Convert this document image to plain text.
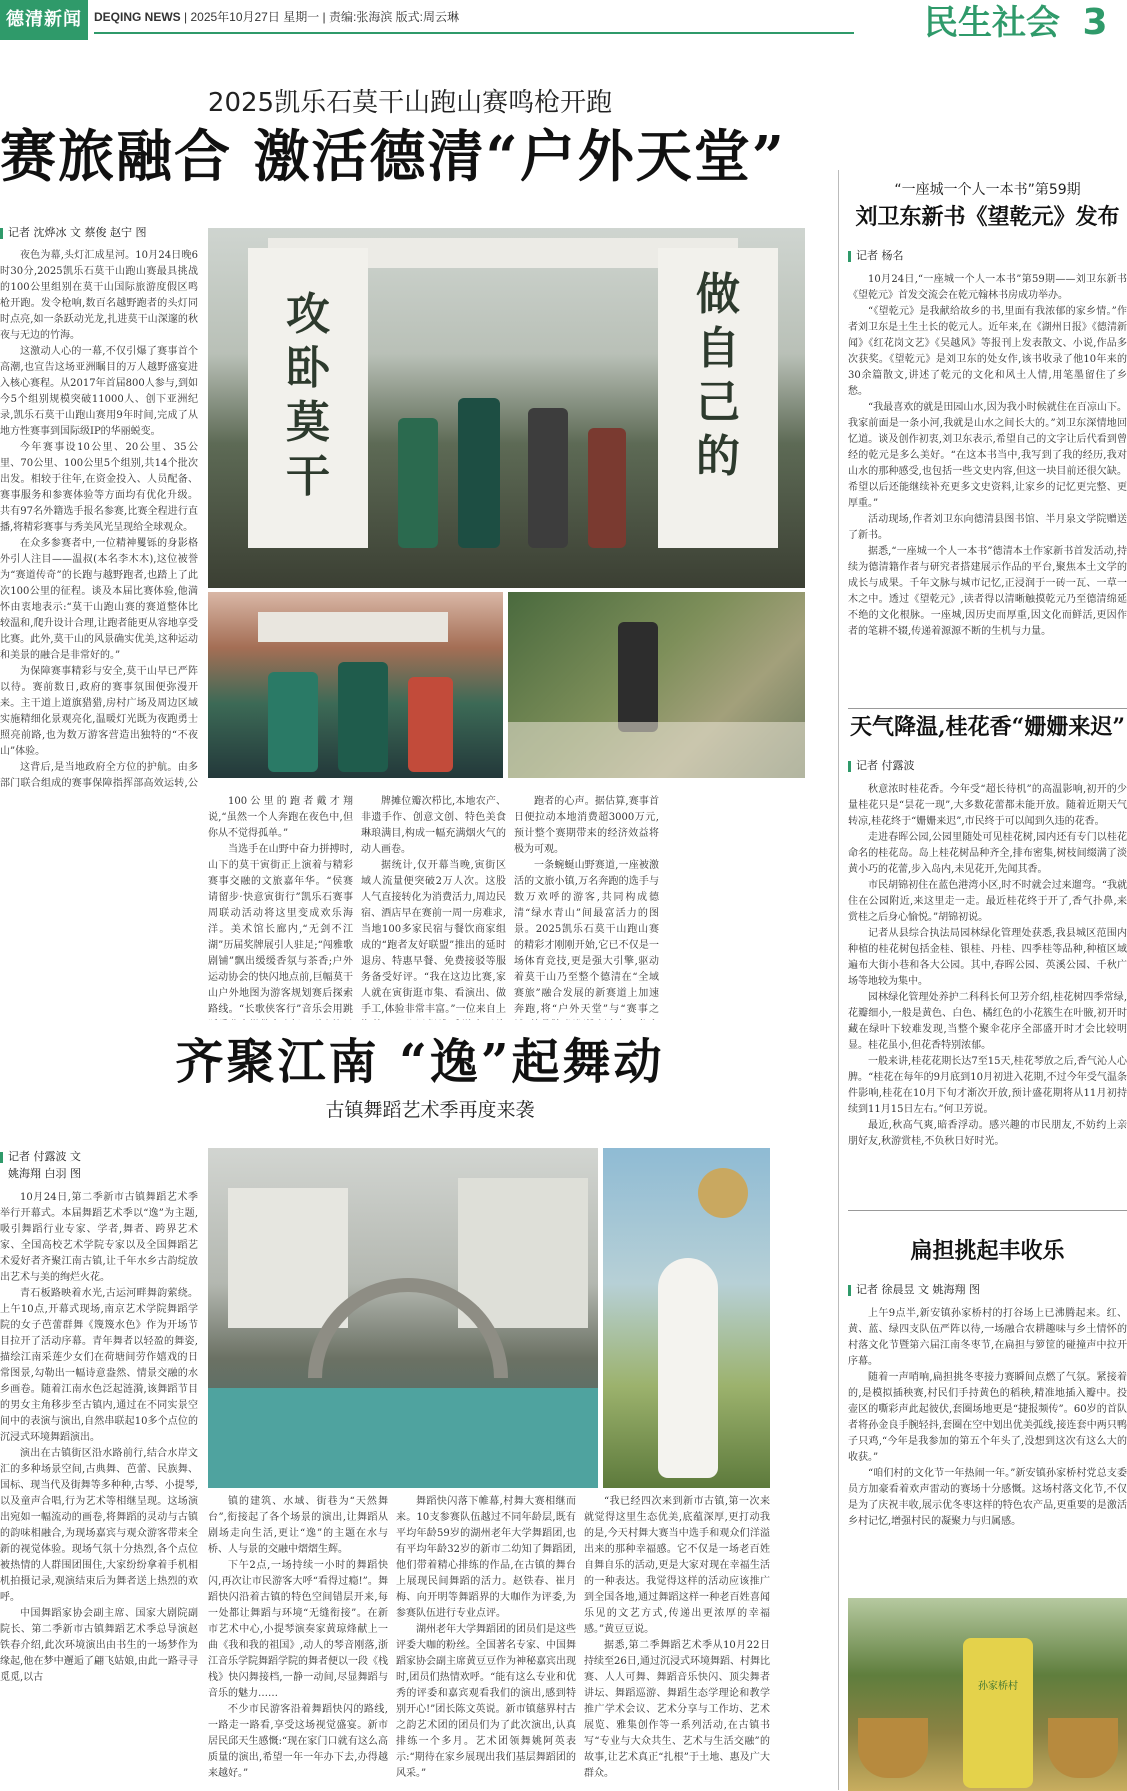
德清新闻	DEQING NEWS | 2025年10月27日 星期一 | 责编:张海滨 版式:周云琳	民生社会 3
2025凯乐石莫干山跑山赛鸣枪开跑
赛旅融合 激活德清“户外天堂”
记者 沈烨冰 文 蔡俊 赵宁 图

夜色为幕,头灯汇成星河。10月24日晚6时30分,2025凯乐石莫干山跑山赛最具挑战的100公里组别在莫干山国际旅游度假区鸣枪开跑。发令枪响,数百名越野跑者的头灯同时点亮,如一条跃动光龙,扎进莫干山深邃的秋夜与无边的竹海。

这激动人心的一幕,不仅引爆了赛事首个高潮,也宣告这场亚洲瞩目的万人越野盛宴进入核心赛程。从2017年首届800人参与,到如今5个组别规模突破11000人、创下亚洲纪录,凯乐石莫干山跑山赛用9年时间,完成了从地方性赛事到国际级IP的华丽蜕变。

今年赛事设10公里、20公里、35公里、70公里、100公里5个组别,共14个批次出发。相较于往年,在资金投入、人员配备、赛事服务和参赛体验等方面均有优化升级。共有97名外籍选手报名参赛,比赛全程进行直播,将精彩赛事与秀美风光呈现给全球观众。

在众多参赛者中,一位精神矍铄的身影格外引人注目——温叔(本名李木木),这位被誉为“赛道传奇”的长跑与越野跑者,也踏上了此次100公里的征程。谈及本届比赛体验,他満怀由衷地表示:“莫干山跑山赛的赛道整体比较温和,爬升设计合理,让跑者能更从容地享受比赛。此外,莫干山的风景确实优美,这种运动和美景的融合是非常好的。”

为保障赛事精彩与安全,莫干山早已严阵以待。赛前数日,政府的赛事氛围便弥漫开来。主干道上道旗猎猎,房村广场及周边区域实施精细化景观亮化,温暖灯光既为夜跑勇士照亮前路,也为数万游客营造出独特的“不夜山”体验。

这背后,是当地政府全方位的护航。由多部门联合组成的赛事保障指挥部高效运转,公

攻卧莫干
做自己的

100公里的跑者戴才翔说,“虽然一个人奔跑在夜色中,但你从不觉得孤单。”

当选手在山野中奋力拼搏时,山下的莫干寅街正上演着与精彩赛事交融的文旅嘉年华。“侯赛请留步·快意寅街行”凯乐石赛事周联动活动将这里变成欢乐海洋。美术馆长廊内,“无剑不江湖”历届奖牌展引人驻足;“闯雅歌剧铺”飘出缓缓香氛与茶香;户外运动协会的快闪地点前,巨幅莫干山户外地图为游客规划赛后探索路线。“长歌侠客行”音乐会用跳

牌摊位瓣次栉比,本地农产、非遗手作、创意文创、特色美食琳琅满目,构成一幅充满烟火气的动人画卷。

据统计,仅开幕当晚,寅街区域人流量便突破2万人次。这股人气直接转化为消费活力,周边民宿、酒店早在赛前一周一房难求,当地100多家民宿与餐饮商家组成的“跑者友好联盟”推出的延时退房、特惠早餐、免费接驳等服务备受好评。“我在这边比赛,家人就在寅街逛市集、看演出、做手工,体验非常丰富。”一位来自上

跑者的心声。据估算,赛事首日便拉动本地消费超3000万元,预计整个赛期带来的经济效益将极为可观。

一条蜿蜒山野赛道,一座被激活的文旅小镇,万名奔跑的选手与数万欢呼的游客,共同构成德清“绿水青山”间最富活力的图景。2025凯乐石莫干山跑山赛的精彩才刚刚开始,它已不仅是一场体育竞技,更是强大引擎,驱动着莫干山乃至整个德清在“全域赛旅”融合发展的新赛道上加速奔跑,将“户外天堂”与“赛事之

齐聚江南 “逸”起舞动
古镇舞蹈艺术季再度来袭
记者 付露波 文
姚海翔 白羽 图

10月24日,第二季新市古镇舞蹈艺术季举行开幕式。本届舞蹈艺术季以“逸”为主题,吸引舞蹈行业专家、学者,舞者、跨界艺术家、全国高校艺术学院专家以及全国舞蹈艺术爱好者齐聚江南古镇,让千年水乡古韵绽放出艺术与美的绚烂火花。

青石板路映着水光,古运河畔舞韵萦绕。上午10点,开幕式现场,南京艺术学院舞蹈学院的女子芭蕾群舞《篾篾水色》作为开场节目拉开了活动序幕。青年舞者以轻盈的舞姿,描绘江南采莲少女们在荷塘间劳作嬉戏的日常图景,勾勒出一幅诗意盎然、情景交融的水乡画卷。随着江南水色泛起涟漪,该舞蹈节目的男女主角移步至古镇内,通过在不同实景空间中的表演与演出,自然串联起10多个点位的沉浸式环境舞蹈演出。

演出在古镇街区沿水路前行,结合水岸文汇的多种场景空间,古典舞、芭蕾、民族舞、国标、现当代及街舞等多种种,古琴、小提琴,以及童声合唱,行为艺术等相继呈现。这场演出宛如一幅流动的画卷,将舞蹈的灵动与古镇的韵味相融合,为现场嘉宾与观众游客带来全新的视觉体验。现场气氛十分热烈,各个点位被热情的人群围团围住,大家纷纷拿着手机相机拍摄记录,观演结束后为舞者送上热烈的欢呼。

中国舞蹈家协会副主席、国家大剧院副院长、第二季新市古镇舞蹈艺术季总导演赵铁春介绍,此次环境演出由书生的一场梦作为缘起,他在梦中邂逅了翩飞姑娘,由此一路寻寻觅觅,以古

镇的建筑、水域、街巷为“天然舞台”,衔接起了各个场景的演出,让舞蹈从剧场走向生活,更让“逸”的主题在水与桥、人与景的交融中熠熠生辉。

下午2点,一场持续一小时的舞蹈快闪,再次让市民游客大呼“看得过瘾!”。舞蹈快闪沿着古镇的特色空间错层开来,每一处都让舞蹈与环境“无缝衔接”。在新市艺术中心,小提琴演奏家黄琼烽献上一曲《我和我的祖国》,动人的琴音刚落,浙江音乐学院舞蹈学院的舞者便以一段《栈栈》快闪舞接档,一静一动间,尽显舞蹈与音乐的魅力……

不少市民游客沿着舞蹈快闪的路线,一路走一路看,享受这场视觉盛宴。新市居民邱天生感慨:“现在家门口就有这么高质量的演出,希望一年一年办下去,办得越来越好。”

舞蹈快闪落下帷幕,村舞大赛相继而来。10支参赛队伍越过不同年龄层,既有平均年龄59岁的湖州老年大学舞蹈团,也有平均年龄32岁的新市二幼知了舞蹈团,他们带着精心排练的作品,在古镇的舞台上展现民间舞蹈的活力。赵铁春、崔月梅、向开明等舞蹈界的大咖作为评委,为参赛队伍进行专业点评。

湖州老年大学舞蹈团的团员们是这些评委大咖的粉丝。全国著名专家、中国舞蹈家协会副主席黄豆豆作为神秘嘉宾出现时,团员们热情欢呼。“能有这么专业和优秀的评委和嘉宾观看我们的演出,感到特别开心!”团长陈文英说。新市镇慈界村古之韵艺术团的团员们为了此次演出,认真排练一个多月。艺术团领舞姚阿英表示:“期待在家乡展现出我们基层舞蹈团的风采。”

“我已经四次来到新市古镇,第一次来就觉得这里生态优美,底蕴深厚,更打动我的是,今天村舞大赛当中选手和观众们洋溢出来的那种幸福感。它不仅是一场老百姓自舞自乐的活动,更是大家对现在幸福生活的一种表达。我觉得这样的活动应该推广到全国各地,通过舞蹈这样一种老百姓喜闻乐见的文艺方式,传递出更浓厚的幸福感。”黄豆豆说。

据悉,第二季舞蹈艺术季从10月22日持续至26日,通过沉浸式环境舞蹈、村舞比赛、人人可舞、舞蹈音乐快闪、顶尖舞者讲坛、舞蹈巡游、舞蹈生态学理论和教学推广学术会议、艺术分享与工作坊、艺术展览、雅集创作等一系列活动,在古镇书写“专业与大众共生、艺术与生活交融”的故事,让艺术真正“扎根”于土地、惠及广大群众。

“一座城一个人一本书”第59期
刘卫东新书《望乾元》发布
记者 杨名

10月24日,“一座城一个人一本书”第59期——刘卫东新书《望乾元》首发交流会在乾元翰林书房成功举办。

“《望乾元》是我献给故乡的书,里面有我浓郁的家乡情。”作者刘卫东是土生土长的乾元人。近年来,在《湖州日报》《德清新闻》《红花岗文艺》《吴越风》等报刊上发表散文、小说,作品多次获奖。《望乾元》是刘卫东的处女作,该书收录了他10年来的30余篇散文,讲述了乾元的文化和风土人情,用笔墨留住了乡愁。

“我最喜欢的就是田园山水,因为我小时候就住在百凉山下。我家前面是一条小河,我就是山水之间长大的。”刘卫东深情地回忆道。谈及创作初衷,刘卫东表示,希望自己的文字让后代看到曾经的乾元是多么美好。“在这本书当中,我写到了我的经历,我对山水的那种感受,也包括一些文史内容,但这一块目前还很欠缺。希望以后还能继续补充更多文史资料,让家乡的记忆更完整、更厚重。”

活动现场,作者刘卫东向德清县图书馆、半月泉文学院赠送了新书。

据悉,“一座城一个人一本书”德清本土作家新书首发活动,持续为德清籍作者与研究者搭建展示作品的平台,聚焦本土文学的成长与成果。千年文脉与城市记忆,正浸润于一砖一瓦、一草一木之中。透过《望乾元》,读者得以清晰触摸乾元乃至德清绵延不绝的文化根脉。一座城,因历史而厚重,因文化而鲜活,更因作者的笔耕不辍,传递着源源不断的生机与力量。

天气降温,桂花香“姗姗来迟”
记者 付露波

秋意浓时桂花香。今年受“超长待机”的高温影响,初开的少量桂花只是“昙花一现”,大多数花蕾都未能开放。随着近期天气转凉,桂花终于“姗姗来迟”,市民终于可以闻到久违的花香。

走进春晖公园,公园里随处可见桂花树,园内还有专门以桂花命名的桂花岛。岛上桂花树品种齐全,排布密集,树枝间缀满了淡黄小巧的花蕾,步入岛内,未见花开,先闻其香。

市民胡锦初住在蓝色港湾小区,时不时就会过来遛弯。“我就住在公园附近,来这里走一走。最近桂花终于开了,香气扑鼻,来赏桂之后身心愉悦。”胡锦初说。

记者从县综合执法局园林绿化管理处获悉,我县城区范围内种植的桂花树包括金桂、银桂、丹桂、四季桂等品种,种植区域遍布大街小巷和各大公园。其中,春晖公园、英溪公园、千秋广场等地较为集中。

园林绿化管理处养护二科科长何卫芳介绍,桂花树四季常绿,花瓣细小,一般是黄色、白色、橘红色的小花簇生在叶腋,初开时藏在绿叶下较难发现,当整个聚伞花序全部盛开时才会比较明显。桂花虽小,但花香特别浓郁。

一般来讲,桂花花期长达7至15天,桂花琴放之后,香气沁人心脾。“桂花在每年的9月底到10月初进入花期,不过今年受气温条件影响,桂花在10月下旬才渐次开放,预计盛花期将从11月初持续到11月15日左右。”何卫芳说。

最近,秋高气爽,暗香浮动。感兴趣的市民朋友,不妨约上亲朋好友,秋游赏桂,不负秋日好时光。

扁担挑起丰收乐
记者 徐晨昱 文 姚海翔 图

上午9点半,新安镇孙家桥村的打谷场上已沸腾起来。红、黄、蓝、绿四支队伍严阵以待,一场融合农耕趣味与乡土情怀的村落文化节暨第六届江南冬枣节,在扁担与箩筐的碰撞声中拉开序幕。

随着一声哨响,扁担挑冬枣接力赛瞬间点燃了气氛。紧接着的,是模拟插秧赛,村民们手持黄色的稻秧,精准地插入瓣中。投壶区的嘶彩声此起彼伏,套圈场地更是“捷报频传”。60岁的首队者将孙金良手腕轻抖,套圈在空中划出优美弧线,接连套中两只鸭子只鸡,“今年是我参加的第五个年头了,没想到这次有这么大的收获。”

“咱们村的文化节一年热闹一年。”新安镇孙家桥村党总支委员方加豪看着欢声雷动的赛场十分感慨。这场村落文化节,不仅是为了庆祝丰收,展示优冬枣这样的特色农产品,更重要的是激活乡村记忆,增强村民的凝聚力与归属感。

孙家桥村
